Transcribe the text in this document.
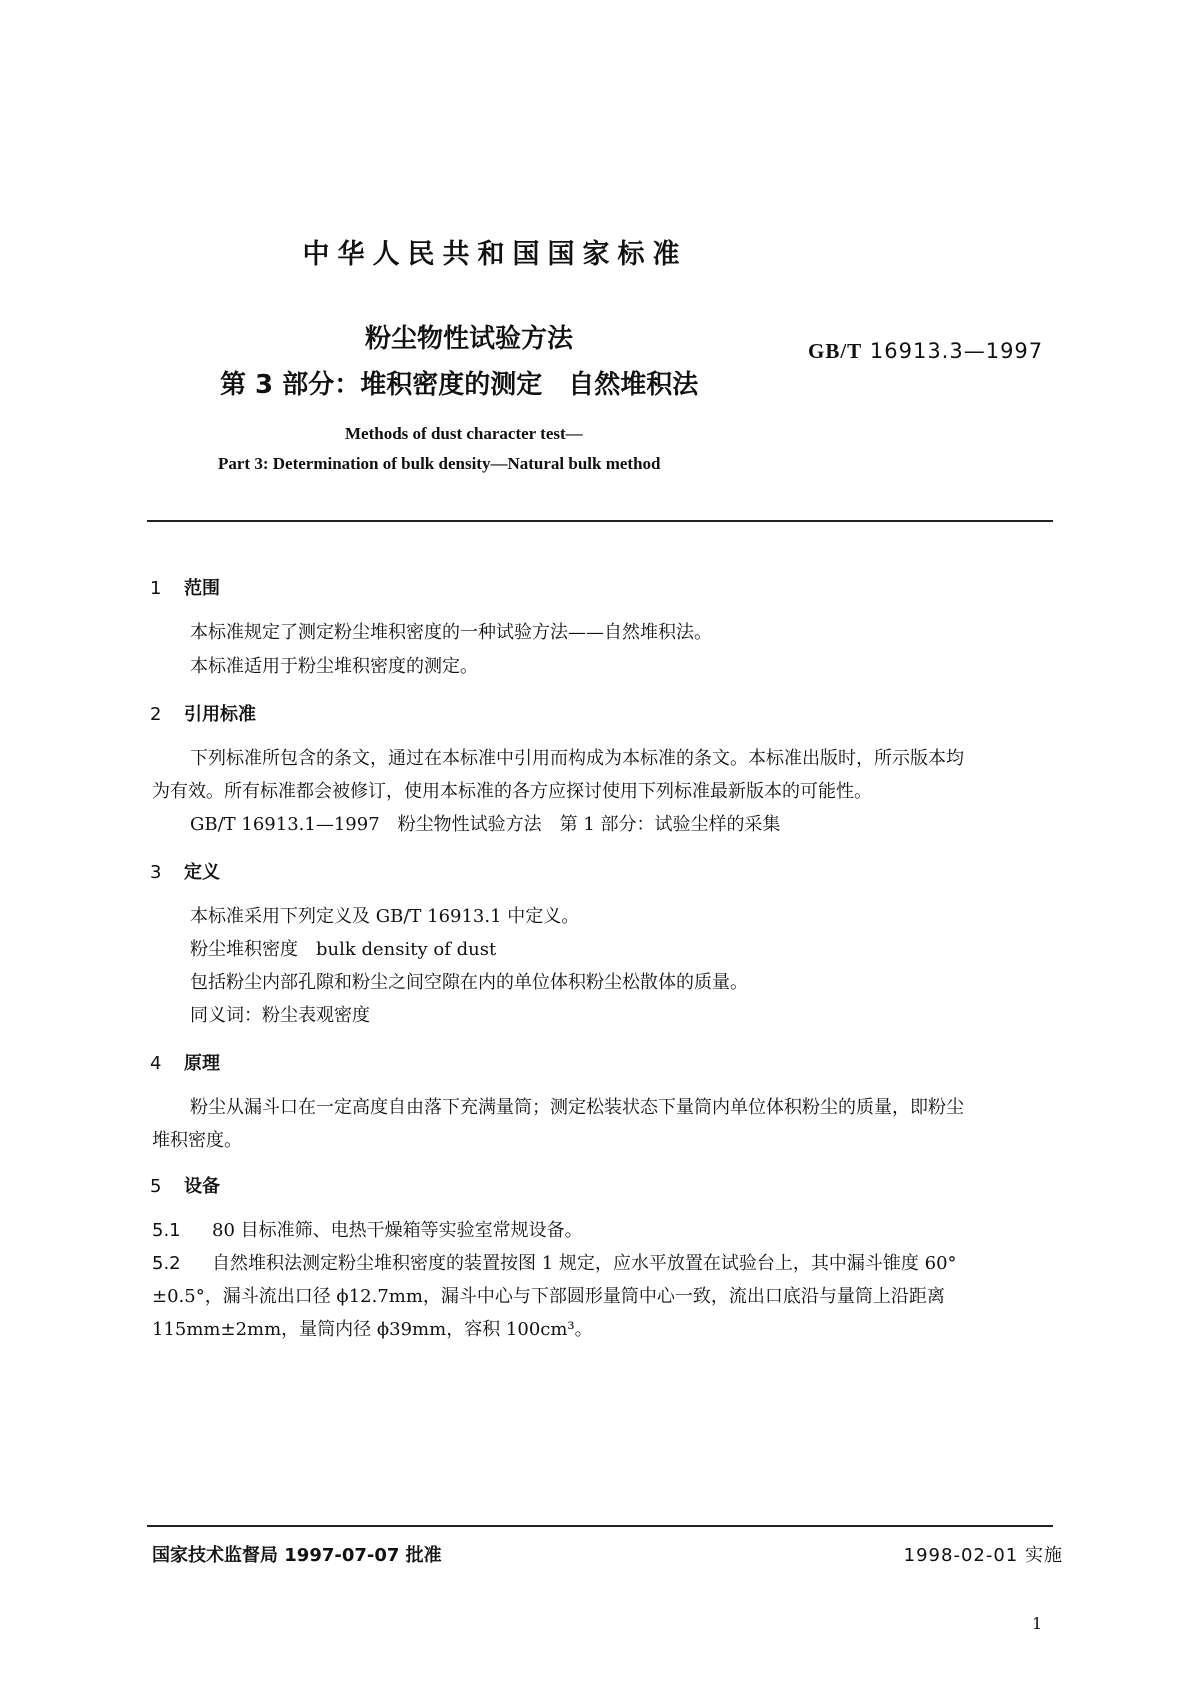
中华人民共和国国家标准
粉尘物性试验方法
第 3 部分：堆积密度的测定　自然堆积法
GB/T 16913.3—1997
Methods of dust character test—
Part 3: Determination of bulk density—Natural bulk method
1 范围
本标准规定了测定粉尘堆积密度的一种试验方法——自然堆积法。
本标准适用于粉尘堆积密度的测定。
2 引用标准
下列标准所包含的条文，通过在本标准中引用而构成为本标准的条文。本标准出版时，所示版本均
为有效。所有标准都会被修订，使用本标准的各方应探讨使用下列标准最新版本的可能性。
GB/T 16913.1—1997　粉尘物性试验方法　第 1 部分：试验尘样的采集
3 定义
本标准采用下列定义及 GB/T 16913.1 中定义。
粉尘堆积密度　bulk density of dust
包括粉尘内部孔隙和粉尘之间空隙在内的单位体积粉尘松散体的质量。
同义词：粉尘表观密度
4 原理
粉尘从漏斗口在一定高度自由落下充满量筒；测定松装状态下量筒内单位体积粉尘的质量，即粉尘
堆积密度。
5 设备
5.1 80 目标准筛、电热干燥箱等实验室常规设备。
5.2 自然堆积法测定粉尘堆积密度的装置按图 1 规定，应水平放置在试验台上，其中漏斗锥度 60°
±0.5°，漏斗流出口径 ϕ12.7mm，漏斗中心与下部圆形量筒中心一致，流出口底沿与量筒上沿距离
115mm±2mm，量筒内径 ϕ39mm，容积 100cm³。
国家技术监督局 1997-07-07 批准	1998-02-01 实施
1
